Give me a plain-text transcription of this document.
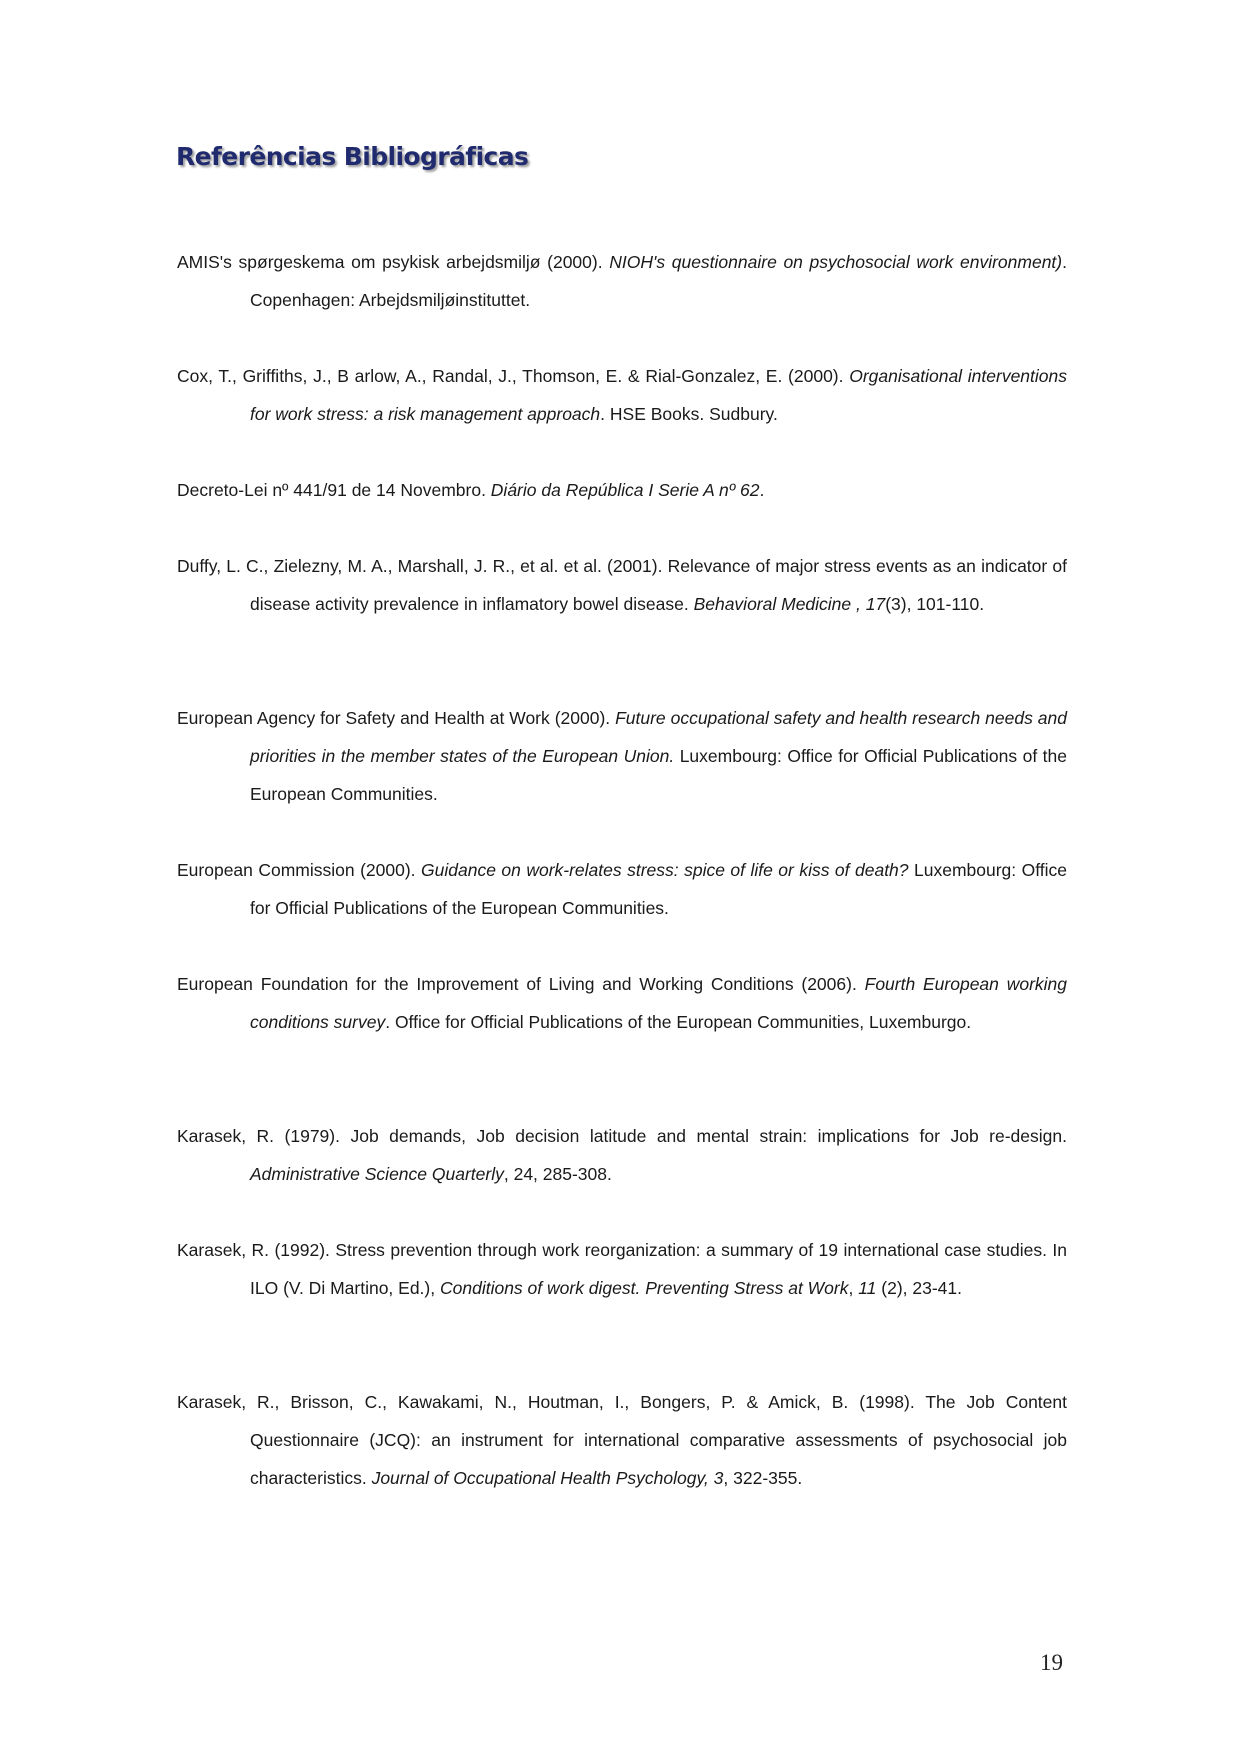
Referências Bibliográficas

AMIS's spørgeskema om psykisk arbejdsmiljø (2000). NIOH's questionnaire on psychosocial work environment). Copenhagen: Arbejdsmiljøinstituttet.

Cox, T., Griffiths, J., B arlow, A., Randal, J., Thomson, E. & Rial-Gonzalez, E. (2000). Organisational interventions for work stress: a risk management approach. HSE Books. Sudbury.

Decreto-Lei nº 441/91 de 14 Novembro. Diário da República I Serie A nº 62.

Duffy, L. C., Zielezny, M. A., Marshall, J. R., et al. et al. (2001). Relevance of major stress events as an indicator of disease activity prevalence in inflamatory bowel disease. Behavioral Medicine , 17(3), 101-110.

European Agency for Safety and Health at Work (2000). Future occupational safety and health research needs and priorities in the member states of the European Union. Luxembourg: Office for Official Publications of the European Communities.

European Commission (2000). Guidance on work-relates stress: spice of life or kiss of death? Luxembourg: Office for Official Publications of the European Communities.

European Foundation for the Improvement of Living and Working Conditions (2006). Fourth European working conditions survey. Office for Official Publications of the European Communities, Luxemburgo.

Karasek, R. (1979). Job demands, Job decision latitude and mental strain: implications for Job re-design. Administrative Science Quarterly, 24, 285-308.

Karasek, R. (1992). Stress prevention through work reorganization: a summary of 19 international case studies. In ILO (V. Di Martino, Ed.), Conditions of work digest. Preventing Stress at Work, 11 (2), 23-41.

Karasek, R., Brisson, C., Kawakami, N., Houtman, I., Bongers, P. & Amick, B. (1998). The Job Content Questionnaire (JCQ): an instrument for international comparative assessments of psychosocial job characteristics. Journal of Occupational Health Psychology, 3, 322-355.

19
